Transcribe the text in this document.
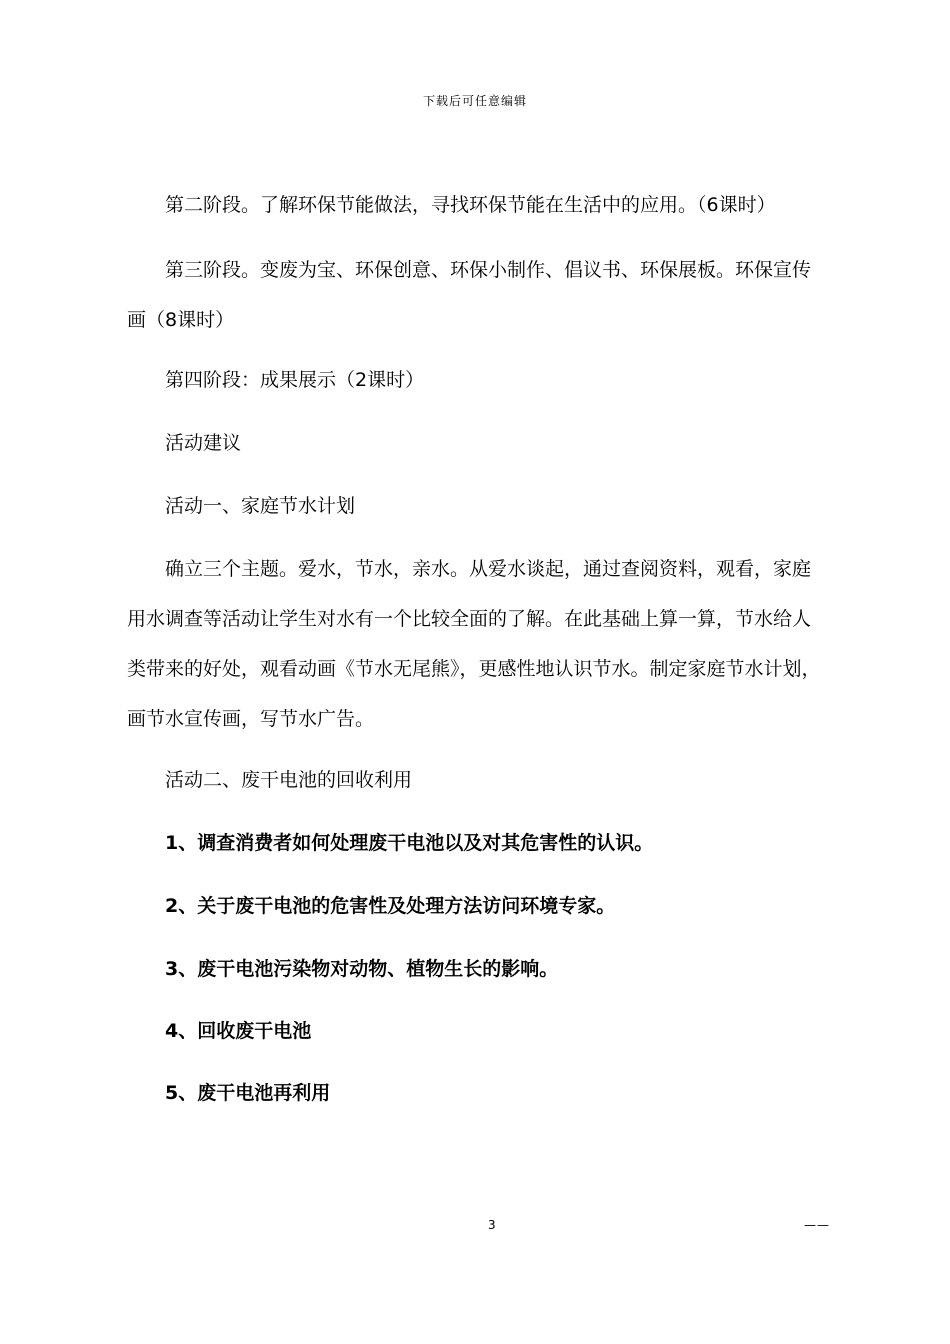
下载后可任意编辑

第二阶段。了解环保节能做法，寻找环保节能在生活中的应用。（6课时）

第三阶段。变废为宝、环保创意、环保小制作、倡议书、环保展板。环保宣传画（8课时）

第四阶段：成果展示（2课时）

活动建议

活动一、家庭节水计划

确立三个主题。爱水，节水，亲水。从爱水谈起，通过查阅资料，观看，家庭用水调查等活动让学生对水有一个比较全面的了解。在此基础上算一算，节水给人类带来的好处，观看动画《节水无尾熊》，更感性地认识节水。制定家庭节水计划，画节水宣传画，写节水广告。

活动二、废干电池的回收利用

1、调查消费者如何处理废干电池以及对其危害性的认识。

2、关于废干电池的危害性及处理方法访问环境专家。

3、废干电池污染物对动物、植物生长的影响。

4、回收废干电池

5、废干电池再利用

3	——
